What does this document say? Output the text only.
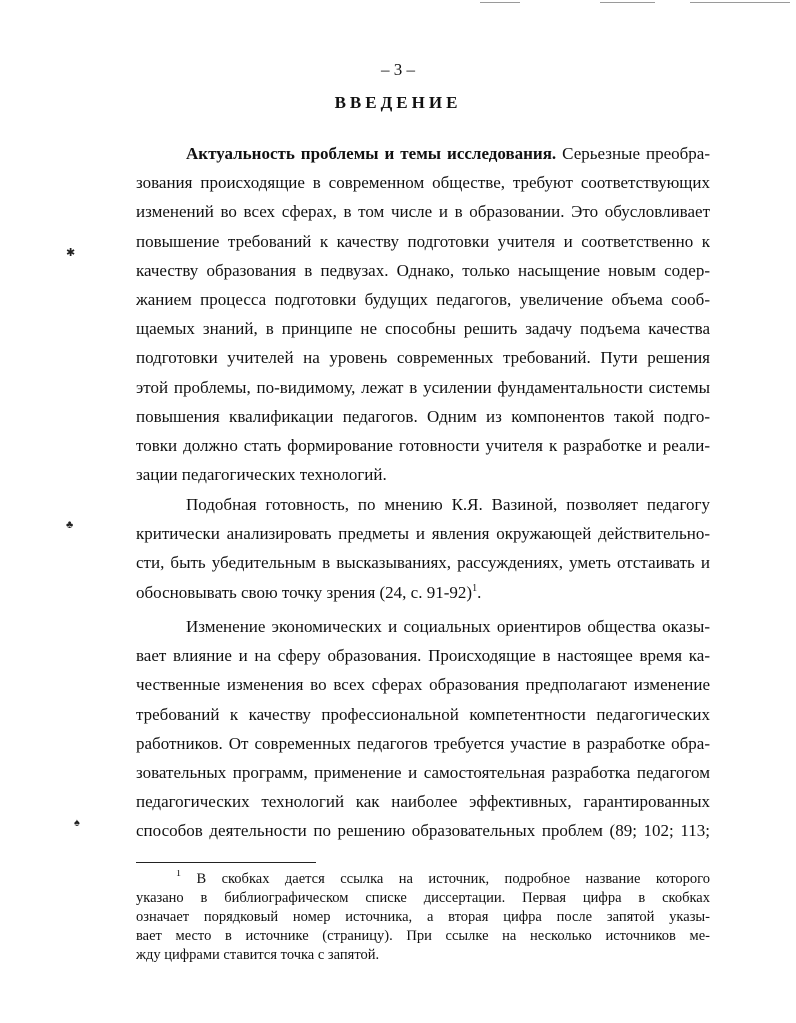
– 3 –
ВВЕДЕНИЕ
Актуальность проблемы и темы исследования. Серьезные преобра-
зования происходящие в современном обществе, требуют соответствующих
изменений во всех сферах, в том числе и в образовании. Это обусловливает
повышение требований к качеству подготовки учителя и соответственно к
качеству образования в педвузах. Однако, только насыщение новым содер-
жанием процесса подготовки будущих педагогов, увеличение объема сооб-
щаемых знаний, в принципе не способны решить задачу подъема качества
подготовки учителей на уровень современных требований. Пути решения
этой проблемы, по-видимому, лежат в усилении фундаментальности системы
повышения квалификации педагогов. Одним из компонентов такой подго-
товки должно стать формирование готовности учителя к разработке и реали-
зации педагогических технологий.
Подобная готовность, по мнению К.Я. Вазиной, позволяет педагогу
критически анализировать предметы и явления окружающей действительно-
сти, быть убедительным в высказываниях, рассуждениях, уметь отстаивать и
обосновывать свою точку зрения (24, с. 91-92)$^1$.
Изменение экономических и социальных ориентиров общества оказы-
вает влияние и на сферу образования. Происходящие в настоящее время ка-
чественные изменения во всех сферах образования предполагают изменение
требований к качеству профессиональной компетентности педагогических
работников. От современных педагогов требуется участие в разработке обра-
зовательных программ, применение и самостоятельная разработка педагогом
педагогических технологий как наиболее эффективных, гарантированных
способов деятельности по решению образовательных проблем (89; 102; 113;
$^1$ В скобках дается ссылка на источник, подробное название которого
указано в библиографическом списке диссертации. Первая цифра в скобках
означает порядковый номер источника, а вторая цифра после запятой указы-
вает место в источнике (страницу). При ссылке на несколько источников ме-
жду цифрами ставится точка с запятой.
✱
♣
♠
